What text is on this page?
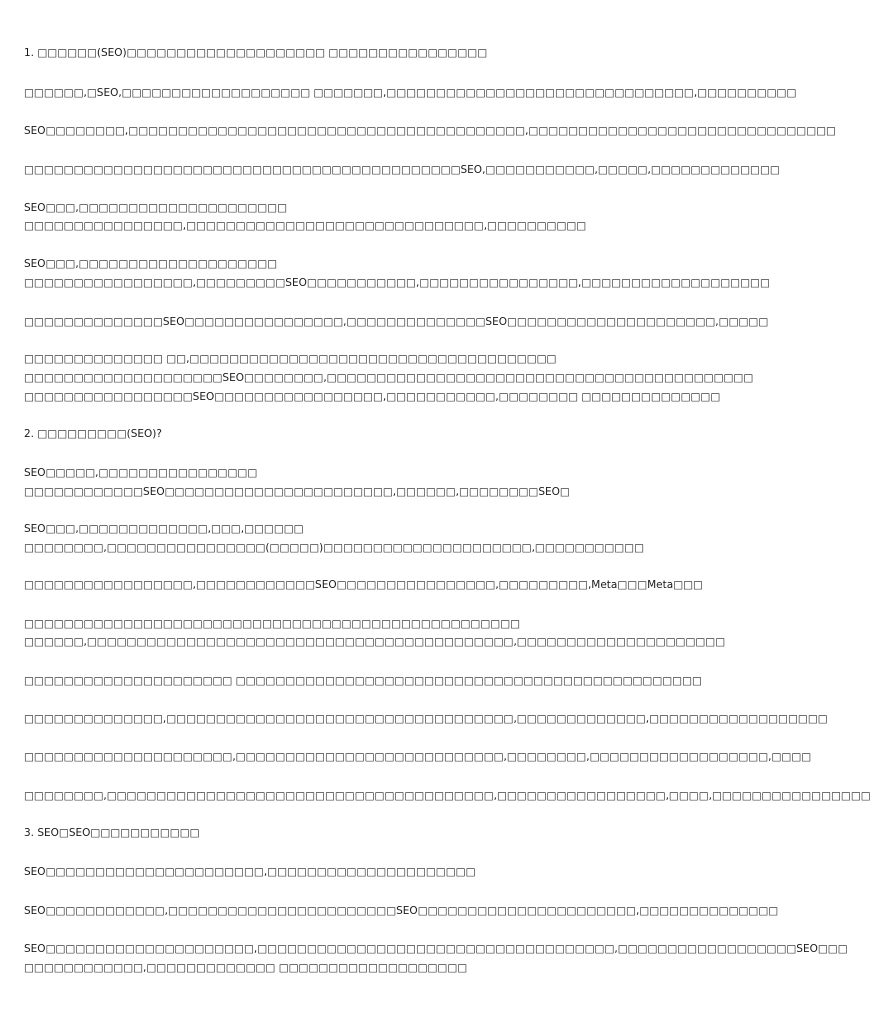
1. □□□□□□(SEO)□□□□□□□□□□□□□□□□□□□□ □□□□□□□□□□□□□□□□
□□□□□□,□SEO,□□□□□□□□□□□□□□□□□□□ □□□□□□□,□□□□□□□□□□□□□□□□□□□□□□□□□□□□□□□,□□□□□□□□□□
SEO□□□□□□□□,□□□□□□□□□□□□□□□□□□□□□□□□□□□□□□□□□□□□□□□□,□□□□□□□□□□□□□□□□□□□□□□□□□□□□□□□
□□□□□□□□□□□□□□□□□□□□□□□□□□□□□□□□□□□□□□□□□□□□SEO,□□□□□□□□□□□,□□□□□,□□□□□□□□□□□□□
SEO□□□,□□□□□□□□□□□□□□□□□□□□□
□□□□□□□□□□□□□□□□,□□□□□□□□□□□□□□□□□□□□□□□□□□□□□□,□□□□□□□□□□
SEO□□□,□□□□□□□□□□□□□□□□□□□□
□□□□□□□□□□□□□□□□□,□□□□□□□□□SEO□□□□□□□□□□□,□□□□□□□□□□□□□□□□,□□□□□□□□□□□□□□□□□□□
□□□□□□□□□□□□□□SEO□□□□□□□□□□□□□□□□,□□□□□□□□□□□□□□SEO□□□□□□□□□□□□□□□□□□□□□,□□□□□
□□□□□□□□□□□□□□ □□,□□□□□□□□□□□□□□□□□□□□□□□□□□□□□□□□□□□□□
□□□□□□□□□□□□□□□□□□□□SEO□□□□□□□□,□□□□□□□□□□□□□□□□□□□□□□□□□□□□□□□□□□□□□□□□□□□
□□□□□□□□□□□□□□□□□SEO□□□□□□□□□□□□□□□□□,□□□□□□□□□□□,□□□□□□□□ □□□□□□□□□□□□□□
2. □□□□□□□□□(SEO)?
SEO□□□□□,□□□□□□□□□□□□□□□□
□□□□□□□□□□□□SEO□□□□□□□□□□□□□□□□□□□□□□□,□□□□□□,□□□□□□□□SEO□
SEO□□□,□□□□□□□□□□□□□,□□□,□□□□□□
□□□□□□□□,□□□□□□□□□□□□□□□□(□□□□□)□□□□□□□□□□□□□□□□□□□□□,□□□□□□□□□□□
□□□□□□□□□□□□□□□□□,□□□□□□□□□□□□SEO□□□□□□□□□□□□□□□□,□□□□□□□□□,Meta□□□Meta□□□
□□□□□□□□□□□□□□□□□□□□□□□□□□□□□□□□□□□□□□□□□□□□□□□□□□
□□□□□□,□□□□□□□□□□□□□□□□□□□□□□□□□□□□□□□□□□□□□□□□□□□,□□□□□□□□□□□□□□□□□□□□□
□□□□□□□□□□□□□□□□□□□□□ □□□□□□□□□□□□□□□□□□□□□□□□□□□□□□□□□□□□□□□□□□□□□□□
□□□□□□□□□□□□□□,□□□□□□□□□□□□□□□□□□□□□□□□□□□□□□□□□□□,□□□□□□□□□□□□□,□□□□□□□□□□□□□□□□□□
□□□□□□□□□□□□□□□□□□□□□,□□□□□□□□□□□□□□□□□□□□□□□□□□□,□□□□□□□□,□□□□□□□□□□□□□□□□□□,□□□□
□□□□□□□□,□□□□□□□□□□□□□□□□□□□□□□□□□□□□□□□□□□□□□□□,□□□□□□□□□□□□□□□□□,□□□□,□□□□□□□□□□□□□□□□
3. SEO□SEO□□□□□□□□□□□
SEO□□□□□□□□□□□□□□□□□□□□□□,□□□□□□□□□□□□□□□□□□□□□
SEO□□□□□□□□□□□□,□□□□□□□□□□□□□□□□□□□□□□□SEO□□□□□□□□□□□□□□□□□□□□□□,□□□□□□□□□□□□□□
SEO□□□□□□□□□□□□□□□□□□□□□,□□□□□□□□□□□□□□□□□□□□□□□□□□□□□□□□□□□□,□□□□□□□□□□□□□□□□□□SEO□□□
□□□□□□□□□□□□,□□□□□□□□□□□□□ □□□□□□□□□□□□□□□□□□□
